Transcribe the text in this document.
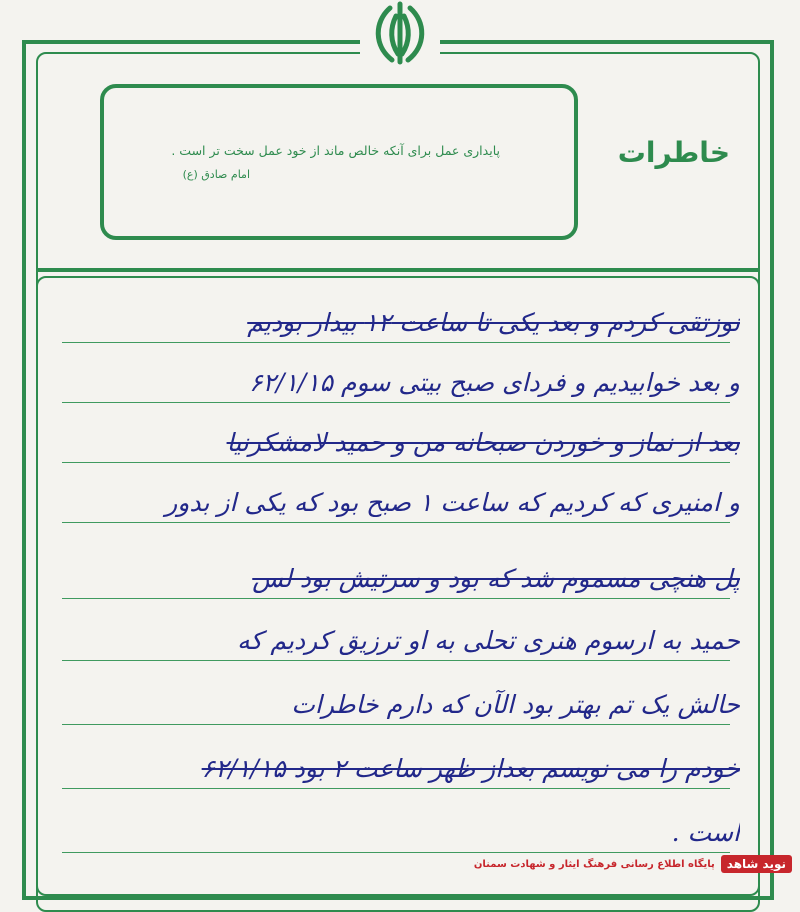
پایداری عمل برای آنکه خالص ماند از خود عمل سخت تر است .
امام صادق (ع)
خاطرات
نوزتقی کردم و بعد یکی تا ساعت ۱۲ بیدار بودیم
و بعد خوابیدیم و فردای صبح بیتی سوم ۶۲/۱/۱۵
بعد از نماز و خوردن صبحانه من و حمید لامشکرنیا
و امنیری که کردیم که ساعت ۱ صبح بود که یکی از بدور
پل هنچی مسموم شد که بود و سرتیش بود لس
حمید به ارسوم هنری تحلی به او ترزیق کردیم که
حالش یک تم بهتر بود الآن که دارم خاطرات
خودم را می نویسم بعداز ظهر ساعت ۲ بود ۶۲/۱/۱۵
است .
نوید شاهد
پایگاه اطلاع رسانی فرهنگ ایثار و شهادت سمنان
